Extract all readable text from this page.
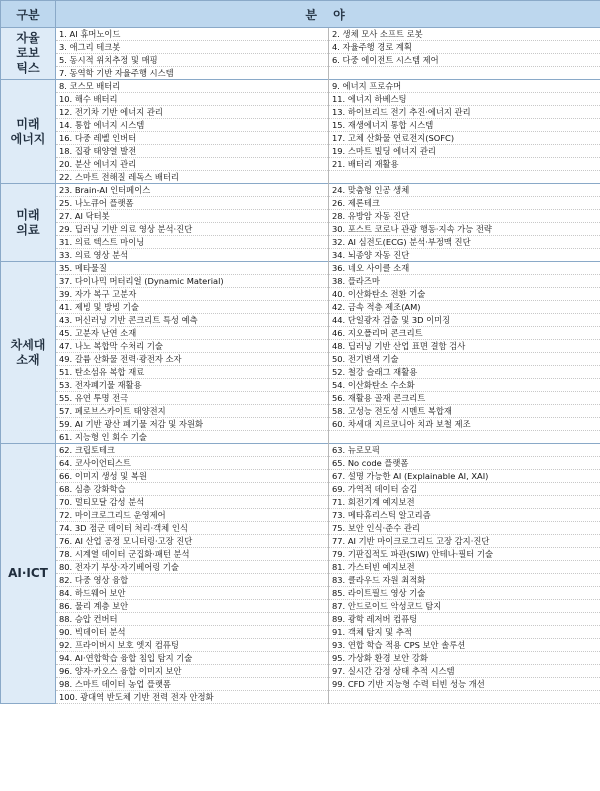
구분	분 야	
자율
로보
틱스	1. AI 휴머노이드	2. 생체 모사 소프트 로봇
	3. 애그리 테크봇	4. 자율주행 경로 계획
	5. 동시적 위치추정 및 매핑	6. 다중 에이전트 시스템 제어
	7. 동역학 기반 자율주행 시스템	
미래
에너지	8. 코스모 배터리	9. 에너지 프로슈머
	10. 해수 배터리	11. 에너지 하베스팅
	12. 전기차 기반 에너지 관리	13. 하이브리드 전기 추진·에너지 관리
	14. 통합 에너지 시스템	15. 재생에너지 통합 시스템
	16. 다중 레벨 인버터	17. 고체 산화물 연료전지(SOFC)
	18. 집광 태양열 발전	19. 스마트 빌딩 에너지 관리
	20. 분산 에너지 관리	21. 배터리 재활용
	22. 스마트 전해질 레독스 배터리	
미래
의료	23. Brain-AI 인터페이스	24. 맞춤형 인공 생체
	25. 나노큐어 플랫폼	26. 제론테크
	27. AI 닥터봇	28. 유방암 자동 진단
	29. 딥러닝 기반 의료 영상 분석·진단	30. 포스트 코로나 관광 행동·지속 가능 전략
	31. 의료 텍스트 마이닝	32. AI 심전도(ECG) 분석·부정맥 진단
	33. 의료 영상 분석	34. 뇌종양 자동 진단
차세대
소재	35. 메타물질	36. 네오 사이클 소재
	37. 다이나믹 머터리얼 (Dynamic Material)	38. 플라즈마
	39. 자가 복구 고분자	40. 이산화탄소 전환 기술
	41. 제빙 및 방빙 기술	42. 금속 적층 제조(AM)
	43. 머신러닝 기반 콘크리트 특성 예측	44. 단일광자 검출 및 3D 이미징
	45. 고분자 난연 소재	46. 지오폴리머 콘크리트
	47. 나노 복합막 수처리 기술	48. 딥러닝 기반 산업 표면 결함 검사
	49. 갈륨 산화물 전력·광전자 소자	50. 전기변색 기술
	51. 탄소섬유 복합 재료	52. 철강 슬래그 재활용
	53. 전자폐기물 재활용	54. 이산화탄소 수소화
	55. 유연 투명 전극	56. 재활용 골재 콘크리트
	57. 페로브스카이트 태양전지	58. 고성능 전도성 시멘트 복합재
	59. AI 기반 광산 폐기물 저감 및 자원화	60. 차세대 지르코니아 치과 보철 제조
	61. 지능형 인 회수 기술	
AI·ICT	62. 크립토테크	63. 뉴로모픽
	64. 코사이언티스트	65. No code 플랫폼
	66. 이미지 생성 및 복원	67. 설명 가능한 AI (Explainable AI, XAI)
	68. 심층 강화학습	69. 가역적 데이터 숨김
	70. 멀티모달 감성 분석	71. 회전기계 예지보전
	72. 마이크로그리드 운영제어	73. 메타휴리스틱 알고리즘
	74. 3D 점군 데이터 처리·객체 인식	75. 보안 인식·준수 관리
	76. AI 산업 공정 모니터링·고장 진단	77. AI 기반 마이크로그리드 고장 감지·진단
	78. 시계열 데이터 군집화·패턴 분석	79. 기판집적도 파관(SIW) 안테나·필터 기술
	80. 전자기 부상·자기베어링 기술	81. 가스터빈 예지보전
	82. 다중 영상 융합	83. 클라우드 자원 최적화
	84. 하드웨어 보안	85. 라이트필드 영상 기술
	86. 물리 계층 보안	87. 안드로이드 악성코드 탐지
	88. 승압 컨버터	89. 광학 레저버 컴퓨팅
	90. 빅데이터 분석	91. 객체 탐지 및 추적
	92. 프라이버시 보호 엣지 컴퓨팅	93. 연합 학습 적용 CPS 보안 솔루션
	94. AI·연합학습 융합 침입 탐지 기술	95. 가상화 환경 보안 강화
	96. 양자·카오스 융합 이미지 보안	97. 실시간 감정 상태 추적 시스템
	98. 스마트 데이터 농업 플랫폼	99. CFD 기반 지능형 수력 터빈 성능 개선
	100. 광대역 반도체 기반 전력 전자 안정화	
